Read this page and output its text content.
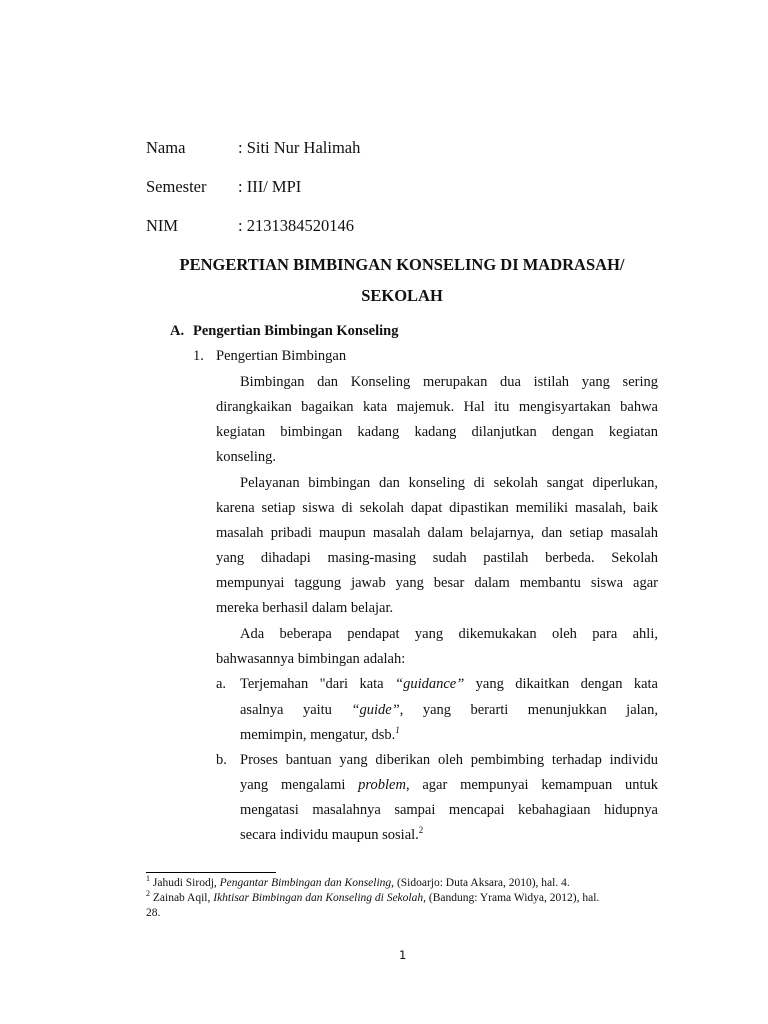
Nama	: Siti Nur Halimah
Semester : III/ MPI
NIM	: 2131384520146
PENGERTIAN BIMBINGAN KONSELING DI MADRASAH/
SEKOLAH
A. Pengertian Bimbingan Konseling
1. Pengertian Bimbingan
Bimbingan dan Konseling merupakan dua istilah yang sering
dirangkaikan bagaikan kata majemuk. Hal itu mengisyartakan bahwa
kegiatan bimbingan kadang kadang dilanjutkan dengan kegiatan
konseling.
Pelayanan bimbingan dan konseling di sekolah sangat diperlukan,
karena setiap siswa di sekolah dapat dipastikan memiliki masalah, baik
masalah pribadi maupun masalah dalam belajarnya, dan setiap masalah
yang dihadapi masing-masing sudah pastilah berbeda. Sekolah
mempunyai taggung jawab yang besar dalam membantu siswa agar
mereka berhasil dalam belajar.
Ada beberapa pendapat yang dikemukakan oleh para ahli,
bahwasannya bimbingan adalah:
a. Terjemahan "dari kata “guidance” yang dikaitkan dengan kata
asalnya yaitu “guide”, yang berarti menunjukkan jalan,
memimpin, mengatur, dsb.$^1$
b. Proses bantuan yang diberikan oleh pembimbing terhadap individu
yang mengalami problem, agar mempunyai kemampuan untuk
mengatasi masalahnya sampai mencapai kebahagiaan hidupnya
secara individu maupun sosial.$^2$
$^1$ Jahudi Sirodj, Pengantar Bimbingan dan Konseling, (Sidoarjo: Duta Aksara, 2010), hal. 4.
$^2$ Zainab Aqil, Ikhtisar Bimbingan dan Konseling di Sekolah, (Bandung: Yrama Widya, 2012), hal.
28.
1
